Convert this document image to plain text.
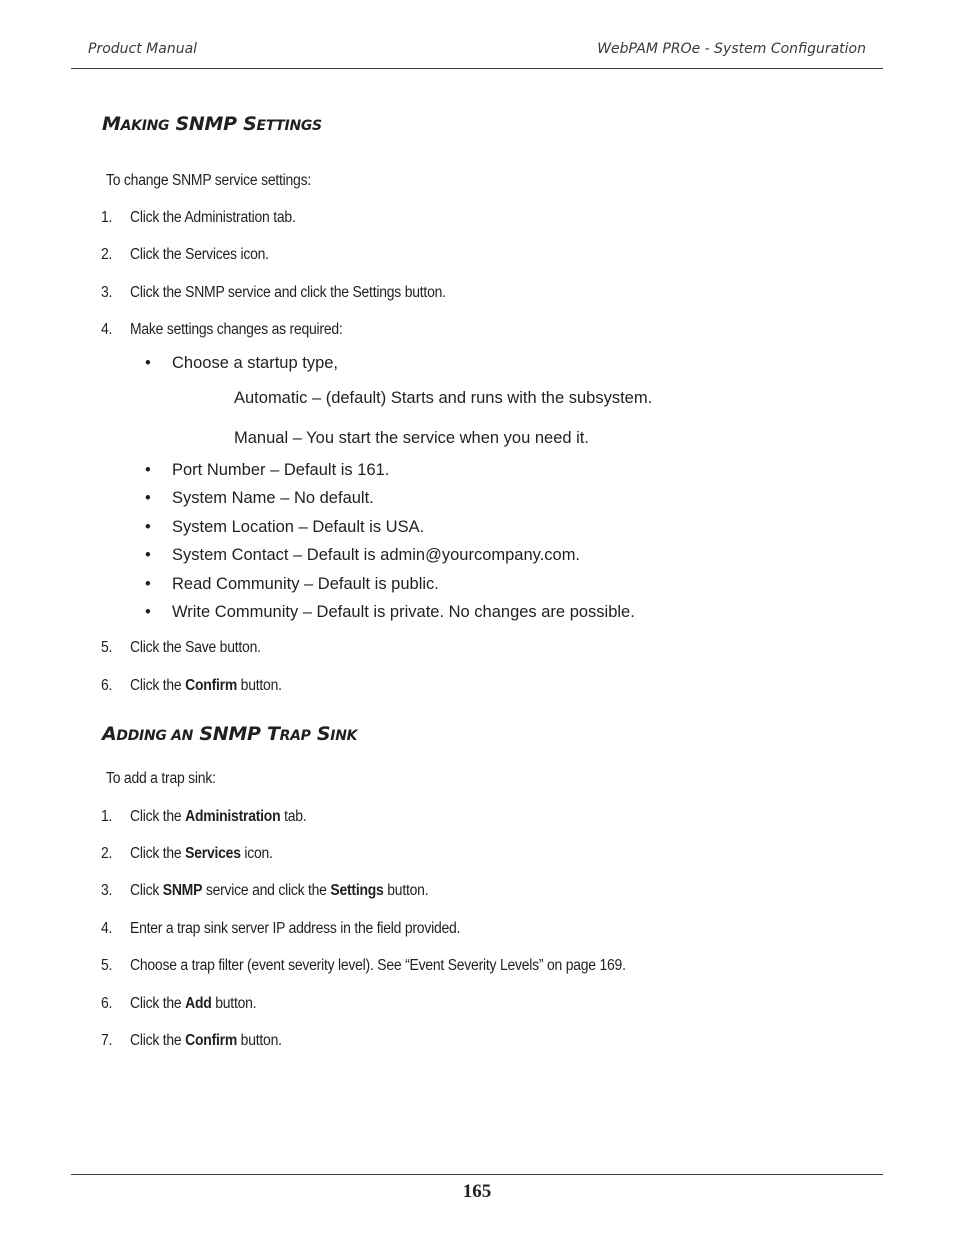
Product Manual	WebPAM PROe - System Configuration
MAKING SNMP SETTINGS
To change SNMP service settings:
1. Click the Administration tab.
2. Click the Services icon.
3. Click the SNMP service and click the Settings button.
4. Make settings changes as required:
• Choose a startup type,
Automatic – (default) Starts and runs with the subsystem.
Manual – You start the service when you need it.
• Port Number – Default is 161.
• System Name – No default.
• System Location – Default is USA.
• System Contact – Default is admin@yourcompany.com.
• Read Community – Default is public.
• Write Community – Default is private. No changes are possible.
5. Click the Save button.
6. Click the Confirm button.
ADDING AN SNMP TRAP SINK
To add a trap sink:
1. Click the Administration tab.
2. Click the Services icon.
3. Click SNMP service and click the Settings button.
4. Enter a trap sink server IP address in the field provided.
5. Choose a trap filter (event severity level). See “Event Severity Levels” on page 169.
6. Click the Add button.
7. Click the Confirm button.
165
